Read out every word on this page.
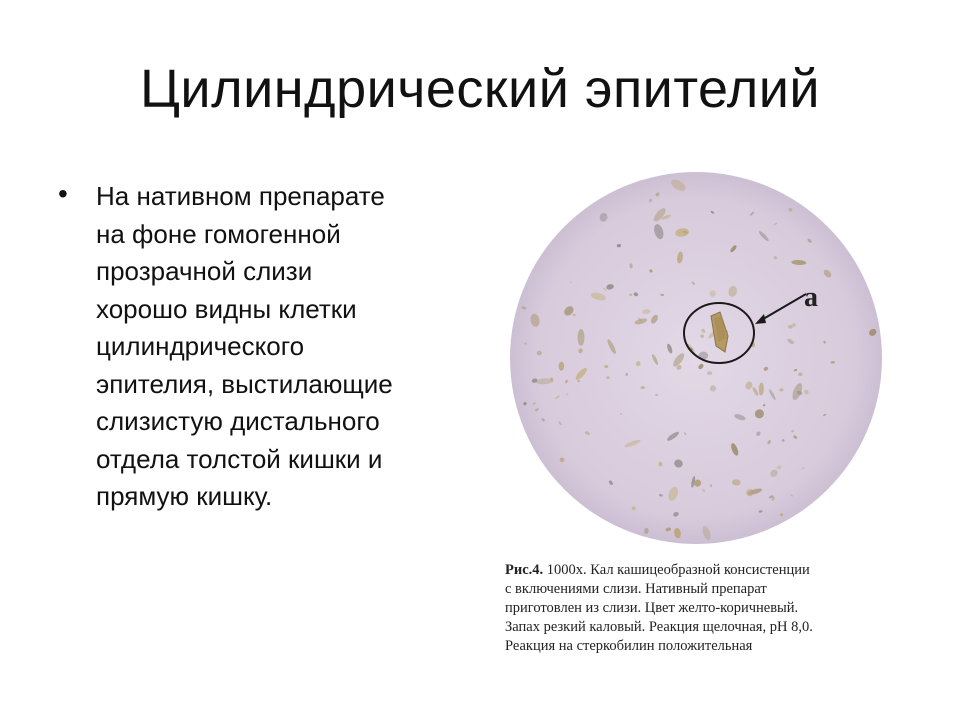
Цилиндрический эпителий
• На нативном препарате
на фоне гомогенной
прозрачной слизи
хорошо видны клетки
цилиндрического
эпителия, выстилающие
слизистую дистального
отдела толстой кишки и
прямую кишку.
а
Рис.4. 1000х. Кал кашицеобразной консистенции
с включениями слизи. Нативный препарат
приготовлен из слизи. Цвет желто-коричневый.
Запах резкий каловый. Реакция щелочная, рН 8,0.
Реакция на стеркобилин положительная
